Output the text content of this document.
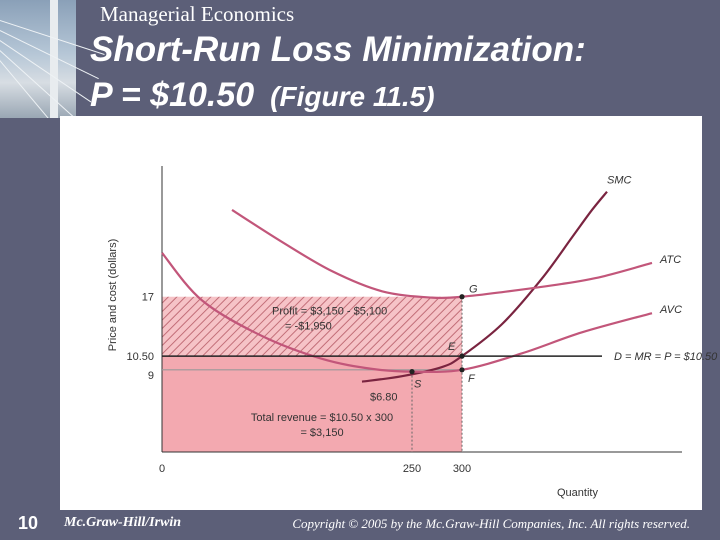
Managerial Economics
Short-Run Loss Minimization:
P = $10.50 (Figure 11.5)
0	250	300
17
10.50
9
Quantity
Price and cost (dollars)
SMC
ATC
AVC
D = MR = P = $10.50
G
E
F
S
$6.80
Profit = $3,150 - $5,100
= -$1,950
Total revenue = $10.50 x 300
= $3,150
10 Mc.Graw-Hill/Irwin	Copyright © 2005 by the Mc.Graw-Hill Companies, Inc. All rights reserved.
